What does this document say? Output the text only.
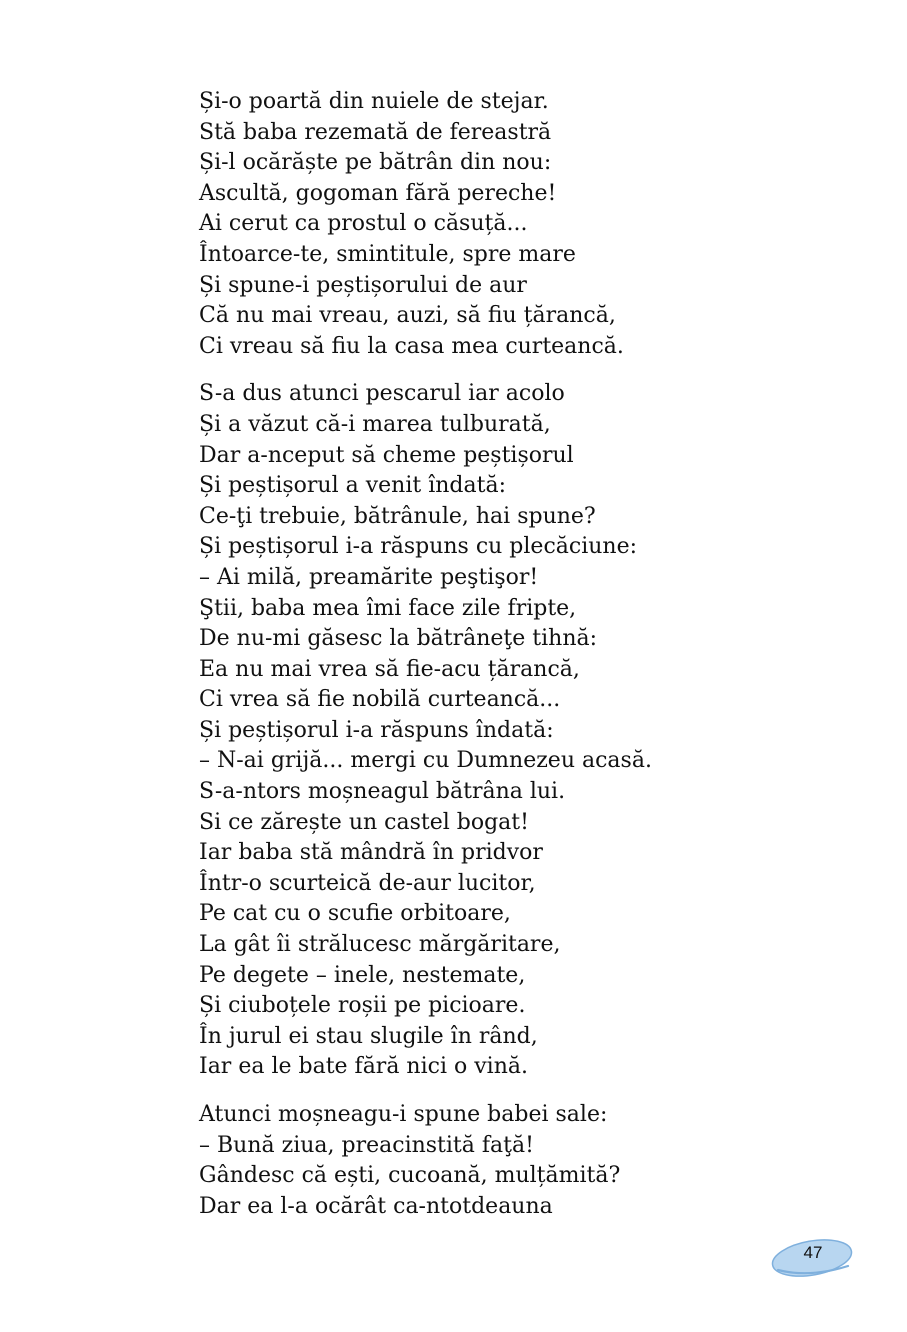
Și-o poartă din nuiele de stejar.
Stă baba rezemată de fereastră
Și-l ocărăște pe bătrân din nou:
Ascultă, gogoman fără pereche!
Ai cerut ca prostul o căsuță...
Întoarce-te, smintitule, spre mare
Și spune-i peștișorului de aur
Că nu mai vreau, auzi, să fiu țărancă,
Ci vreau să fiu la casa mea curteancă.
S-a dus atunci pescarul iar acolo
Și a văzut că-i marea tulburată,
Dar a-nceput să cheme peștișorul
Și peștișorul a venit îndată:
Ce-ţi trebuie, bătrânule, hai spune?
Și peștișorul i-a răspuns cu plecăciune:
– Ai milă, preamărite peştişor!
Ştii, baba mea îmi face zile fripte,
De nu-mi găsesc la bătrâneţe tihnă:
Ea nu mai vrea să fie-acu țărancă,
Ci vrea să fie nobilă curteancă...
Și peștișorul i-a răspuns îndată:
– N-ai grijă... mergi cu Dumnezeu acasă.
S-a-ntors moșneagul bătrâna lui.
Si ce zărește un castel bogat!
Iar baba stă mândră în pridvor
Într-o scurteică de-aur lucitor,
Pe cat cu o scufie orbitoare,
La gât îi strălucesc mărgăritare,
Pe degete – inele, nestemate,
Și ciuboțele roșii pe picioare.
În jurul ei stau slugile în rând,
Iar ea le bate fără nici o vină.
Atunci moșneagu-i spune babei sale:
– Bună ziua, preacinstită faţă!
Gândesc că ești, cucoană, mulțămită?
Dar ea l-a ocărât ca-ntotdeauna
47
